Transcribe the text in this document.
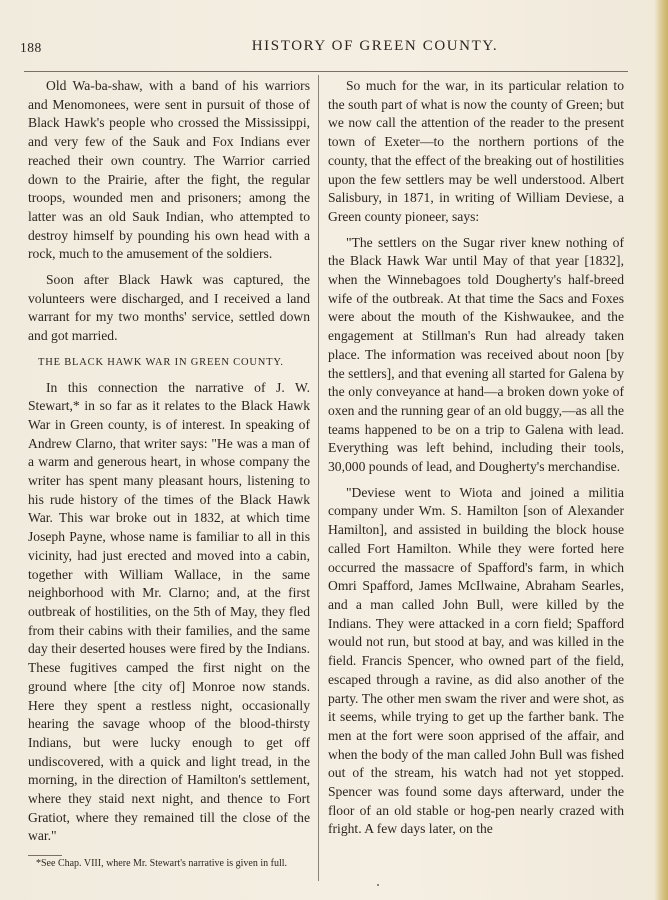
188	HISTORY OF GREEN COUNTY.

Old Wa-ba-shaw, with a band of his warriors and Menomonees, were sent in pursuit of those of Black Hawk's people who crossed the Mississippi, and very few of the Sauk and Fox Indians ever reached their own country. The Warrior carried down to the Prairie, after the fight, the regular troops, wounded men and prisoners; among the latter was an old Sauk Indian, who attempted to destroy himself by pounding his own head with a rock, much to the amusement of the soldiers.

Soon after Black Hawk was captured, the volunteers were discharged, and I received a land warrant for my two months' service, settled down and got married.

THE BLACK HAWK WAR IN GREEN COUNTY.

In this connection the narrative of J. W. Stewart,* in so far as it relates to the Black Hawk War in Green county, is of interest. In speaking of Andrew Clarno, that writer says: "He was a man of a warm and generous heart, in whose company the writer has spent many pleasant hours, listening to his rude history of the times of the Black Hawk War. This war broke out in 1832, at which time Joseph Payne, whose name is familiar to all in this vicinity, had just erected and moved into a cabin, together with William Wallace, in the same neighborhood with Mr. Clarno; and, at the first outbreak of hostilities, on the 5th of May, they fled from their cabins with their families, and the same day their deserted houses were fired by the Indians. These fugitives camped the first night on the ground where [the city of] Monroe now stands. Here they spent a restless night, occasionally hearing the savage whoop of the blood-thirsty Indians, but were lucky enough to get off undiscovered, with a quick and light tread, in the morning, in the direction of Hamilton's settlement, where they staid next night, and thence to Fort Gratiot, where they remained till the close of the war."

*See Chap. VIII, where Mr. Stewart's narrative is given in full.

So much for the war, in its particular relation to the south part of what is now the county of Green; but we now call the attention of the reader to the present town of Exeter—to the northern portions of the county, that the effect of the breaking out of hostilities upon the few settlers may be well understood. Albert Salisbury, in 1871, in writing of William Deviese, a Green county pioneer, says:

"The settlers on the Sugar river knew nothing of the Black Hawk War until May of that year [1832], when the Winnebagoes told Dougherty's half-breed wife of the outbreak. At that time the Sacs and Foxes were about the mouth of the Kishwaukee, and the engagement at Stillman's Run had already taken place. The information was received about noon [by the settlers], and that evening all started for Galena by the only conveyance at hand—a broken down yoke of oxen and the running gear of an old buggy,—as all the teams happened to be on a trip to Galena with lead. Everything was left behind, including their tools, 30,000 pounds of lead, and Dougherty's merchandise.

"Deviese went to Wiota and joined a militia company under Wm. S. Hamilton [son of Alexander Hamilton], and assisted in building the block house called Fort Hamilton. While they were forted here occurred the massacre of Spafford's farm, in which Omri Spafford, James McIlwaine, Abraham Searles, and a man called John Bull, were killed by the Indians. They were attacked in a corn field; Spafford would not run, but stood at bay, and was killed in the field. Francis Spencer, who owned part of the field, escaped through a ravine, as did also another of the party. The other men swam the river and were shot, as it seems, while trying to get up the farther bank. The men at the fort were soon apprised of the affair, and when the body of the man called John Bull was fished out of the stream, his watch had not yet stopped. Spencer was found some days afterward, under the floor of an old stable or hog-pen nearly crazed with fright. A few days later, on the
